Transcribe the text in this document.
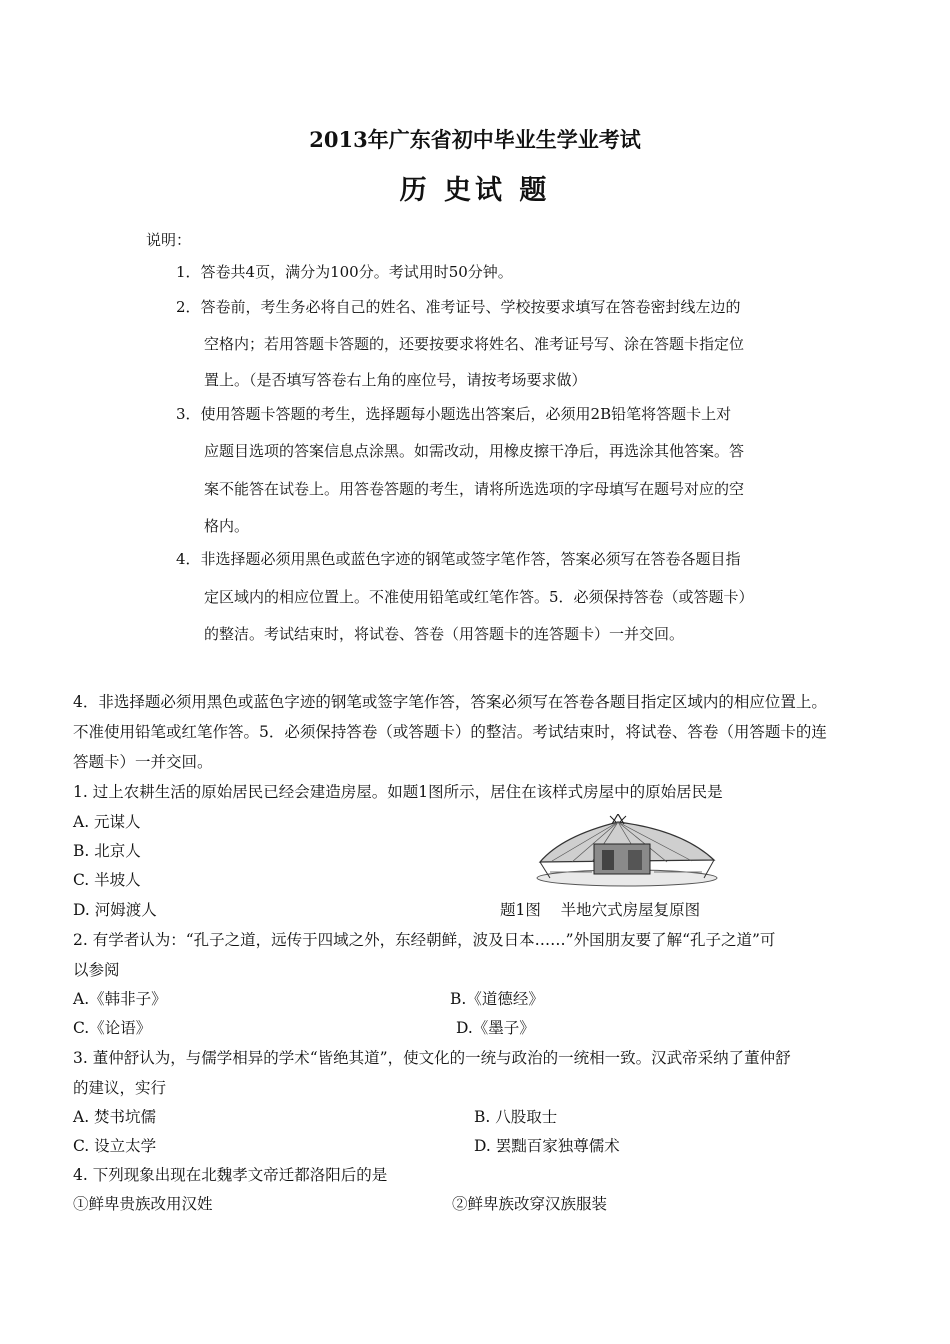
2013年广东省初中毕业生学业考试
历 史试 题
说明：
1．答卷共4页，满分为100分。考试用时50分钟。
2．答卷前，考生务必将自己的姓名、准考证号、学校按要求填写在答卷密封线左边的
空格内；若用答题卡答题的，还要按要求将姓名、准考证号写、涂在答题卡指定位
置上。（是否填写答卷右上角的座位号，请按考场要求做）
3．使用答题卡答题的考生，选择题每小题选出答案后，必须用2B铅笔将答题卡上对
应题目选项的答案信息点涂黑。如需改动，用橡皮擦干净后，再选涂其他答案。答
案不能答在试卷上。用答卷答题的考生，请将所选选项的字母填写在题号对应的空
格内。
4．非选择题必须用黑色或蓝色字迹的钢笔或签字笔作答，答案必须写在答卷各题目指
定区域内的相应位置上。不准使用铅笔或红笔作答。5．必须保持答卷（或答题卡）
的整洁。考试结束时，将试卷、答卷（用答题卡的连答题卡）一并交回。
4．非选择题必须用黑色或蓝色字迹的钢笔或签字笔作答，答案必须写在答卷各题目指定区域内的相应位置上。
不准使用铅笔或红笔作答。5．必须保持答卷（或答题卡）的整洁。考试结束时，将试卷、答卷（用答题卡的连
答题卡）一并交回。
1. 过上农耕生活的原始居民已经会建造房屋。如题1图所示，居住在该样式房屋中的原始居民是
A. 元谋人
B. 北京人
C. 半坡人
D. 河姆渡人	题1图    半地穴式房屋复原图
2. 有学者认为：“孔子之道，远传于四域之外，东经朝鲜，波及日本……”外国朋友要了解“孔子之道”可
以参阅
A.《韩非子》	B.《道德经》
C.《论语》	D.《墨子》
3. 董仲舒认为，与儒学相异的学术“皆绝其道”，使文化的一统与政治的一统相一致。汉武帝采纳了董仲舒
的建议，实行
A. 焚书坑儒	B. 八股取士
C. 设立太学	D. 罢黜百家独尊儒术
4. 下列现象出现在北魏孝文帝迁都洛阳后的是
①鲜卑贵族改用汉姓	②鲜卑族改穿汉族服装
